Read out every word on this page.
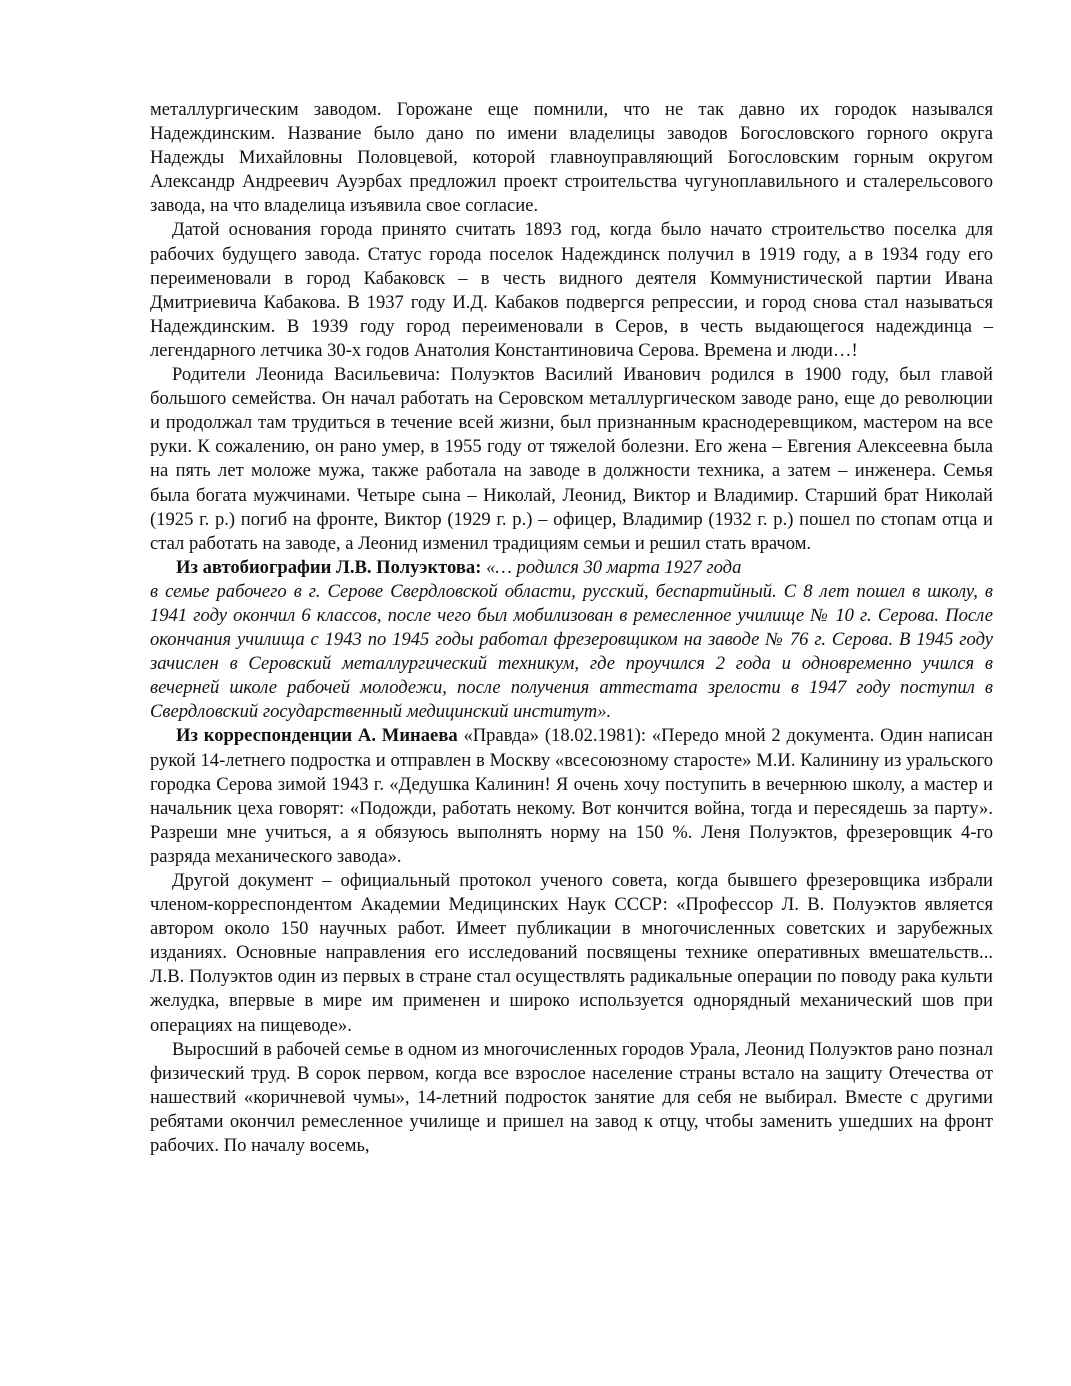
металлургическим заводом. Горожане еще помнили, что не так давно их городок назывался Надеждинским. Название было дано по имени владелицы заводов Богословского горного округа Надежды Михайловны Половцевой, которой главноуправляющий Богословским горным округом Александр Андреевич Ауэрбах предложил проект строительства чугуноплавильного и сталерельсового завода, на что владелица изъявила свое согласие.

Датой основания города принято считать 1893 год, когда было начато строительство поселка для рабочих будущего завода. Статус города поселок Надеждинск получил в 1919 году, а в 1934 году его переименовали в город Кабаковск – в честь видного деятеля Коммунистической партии Ивана Дмитриевича Кабакова. В 1937 году И.Д. Кабаков подвергся репрессии, и город снова стал называться Надеждинским. В 1939 году город переименовали в Серов, в честь выдающегося надеждинца – легендарного летчика 30-х годов Анатолия Константиновича Серова. Времена и люди…!

Родители Леонида Васильевича: Полуэктов Василий Иванович родился в 1900 году, был главой большого семейства. Он начал работать на Серовском металлургическом заводе рано, еще до революции и продолжал там трудиться в течение всей жизни, был признанным краснодеревщиком, мастером на все руки. К сожалению, он рано умер, в 1955 году от тяжелой болезни. Его жена – Евгения Алексеевна была на пять лет моложе мужа, также работала на заводе в должности техника, а затем – инженера. Семья была богата мужчинами. Четыре сына – Николай, Леонид, Виктор и Владимир. Старший брат Николай (1925 г. р.) погиб на фронте, Виктор (1929 г. р.) – офицер, Владимир (1932 г. р.) пошел по стопам отца и стал работать на заводе, а Леонид изменил традициям семьи и решил стать врачом.

Из автобиографии Л.В. Полуэктова: «… родился 30 марта 1927 года

в семье рабочего в г. Серове Свердловской области, русский, беспартийный. С 8 лет пошел в школу, в 1941 году окончил 6 классов, после чего был мобилизован в ремесленное училище № 10 г. Серова. После окончания училища с 1943 по 1945 годы работал фрезеровщиком на заводе № 76 г. Серова. В 1945 году зачислен в Серовский металлургический техникум, где проучился 2 года и одновременно учился в вечерней школе рабочей молодежи, после получения аттестата зрелости в 1947 году поступил в Свердловский государственный медицинский институт».

Из корреспонденции А. Минаева «Правда» (18.02.1981): «Передо мной 2 документа. Один написан рукой 14-летнего подростка и отправлен в Москву «всесоюзному старосте» М.И. Калинину из уральского городка Серова зимой 1943 г. «Дедушка Калинин! Я очень хочу поступить в вечернюю школу, а мастер и начальник цеха говорят: «Подожди, работать некому. Вот кончится война, тогда и пересядешь за парту». Разреши мне учиться, а я обязуюсь выполнять норму на 150 %. Леня Полуэктов, фрезеровщик 4-го разряда механического завода».

Другой документ – официальный протокол ученого совета, когда бывшего фрезеровщика избрали членом-корреспондентом Академии Медицинских Наук СССР: «Профессор Л. В. Полуэктов является автором около 150 научных работ. Имеет публикации в многочисленных советских и зарубежных изданиях. Основные направления его исследований посвящены технике оперативных вмешательств... Л.В. Полуэктов один из первых в стране стал осуществлять радикальные операции по поводу рака культи желудка, впервые в мире им применен и широко используется однорядный механический шов при операциях на пищеводе».

Выросший в рабочей семье в одном из многочисленных городов Урала, Леонид Полуэктов рано познал физический труд. В сорок первом, когда все взрослое население страны встало на защиту Отечества от нашествий «коричневой чумы», 14-летний подросток занятие для себя не выбирал. Вместе с другими ребятами окончил ремесленное училище и пришел на завод к отцу, чтобы заменить ушедших на фронт рабочих. По началу восемь,
